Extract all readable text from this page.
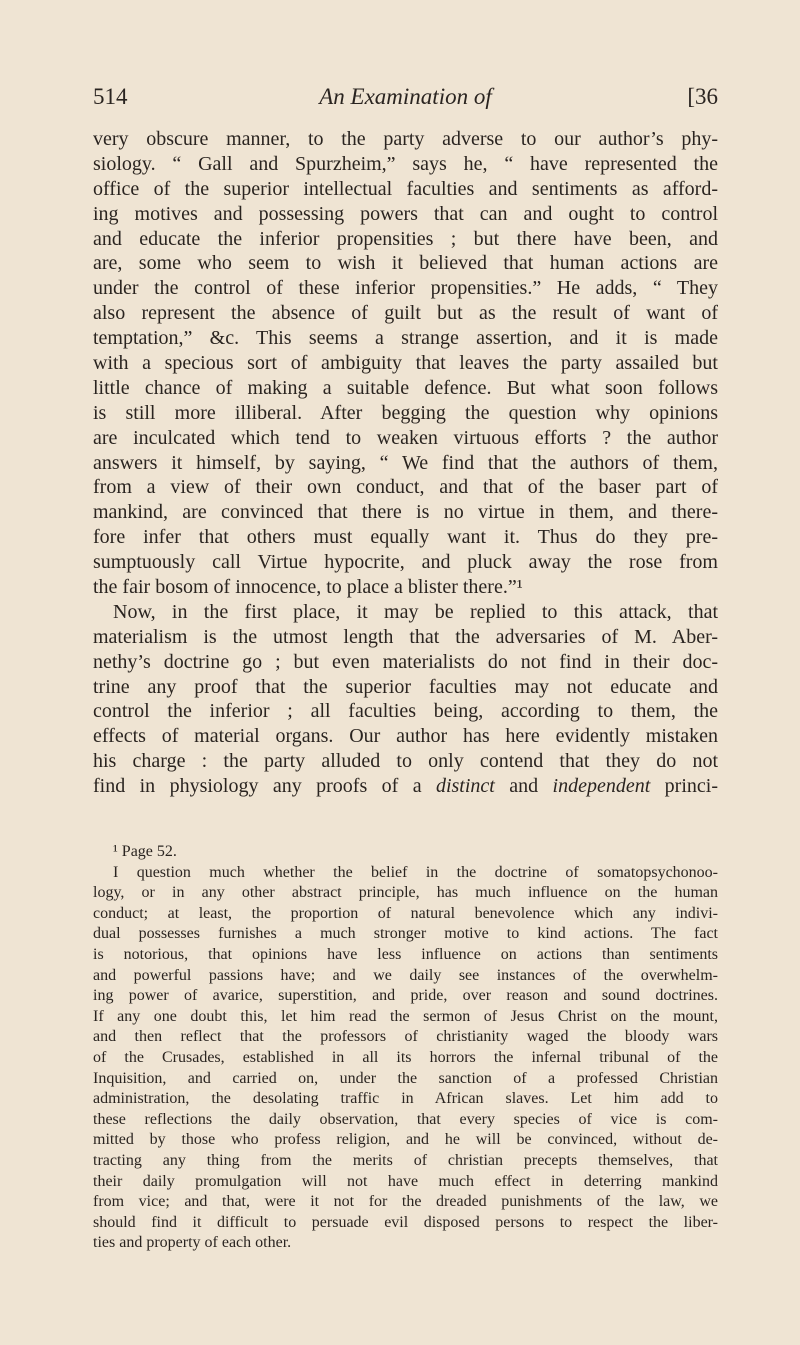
514	An Examination of	[36
very obscure manner, to the party adverse to our author’s phy-
siology. “ Gall and Spurzheim,” says he, “ have represented the
office of the superior intellectual faculties and sentiments as afford-
ing motives and possessing powers that can and ought to control
and educate the inferior propensities ; but there have been, and
are, some who seem to wish it believed that human actions are
under the control of these inferior propensities.” He adds, “ They
also represent the absence of guilt but as the result of want of
temptation,” &c. This seems a strange assertion, and it is made
with a specious sort of ambiguity that leaves the party assailed but
little chance of making a suitable defence. But what soon follows
is still more illiberal. After begging the question why opinions
are inculcated which tend to weaken virtuous efforts ? the author
answers it himself, by saying, “ We find that the authors of them,
from a view of their own conduct, and that of the baser part of
mankind, are convinced that there is no virtue in them, and there-
fore infer that others must equally want it. Thus do they pre-
sumptuously call Virtue hypocrite, and pluck away the rose from
the fair bosom of innocence, to place a blister there.”¹
Now, in the first place, it may be replied to this attack, that
materialism is the utmost length that the adversaries of M. Aber-
nethy’s doctrine go ; but even materialists do not find in their doc-
trine any proof that the superior faculties may not educate and
control the inferior ; all faculties being, according to them, the
effects of material organs. Our author has here evidently mistaken
his charge : the party alluded to only contend that they do not
find in physiology any proofs of a distinct and independent princi-
¹ Page 52.
I question much whether the belief in the doctrine of somatopsychonoo-
logy, or in any other abstract principle, has much influence on the human
conduct; at least, the proportion of natural benevolence which any indivi-
dual possesses furnishes a much stronger motive to kind actions. The fact
is notorious, that opinions have less influence on actions than sentiments
and powerful passions have; and we daily see instances of the overwhelm-
ing power of avarice, superstition, and pride, over reason and sound doctrines.
If any one doubt this, let him read the sermon of Jesus Christ on the mount,
and then reflect that the professors of christianity waged the bloody wars
of the Crusades, established in all its horrors the infernal tribunal of the
Inquisition, and carried on, under the sanction of a professed Christian
administration, the desolating traffic in African slaves. Let him add to
these reflections the daily observation, that every species of vice is com-
mitted by those who profess religion, and he will be convinced, without de-
tracting any thing from the merits of christian precepts themselves, that
their daily promulgation will not have much effect in deterring mankind
from vice; and that, were it not for the dreaded punishments of the law, we
should find it difficult to persuade evil disposed persons to respect the liber-
ties and property of each other.
